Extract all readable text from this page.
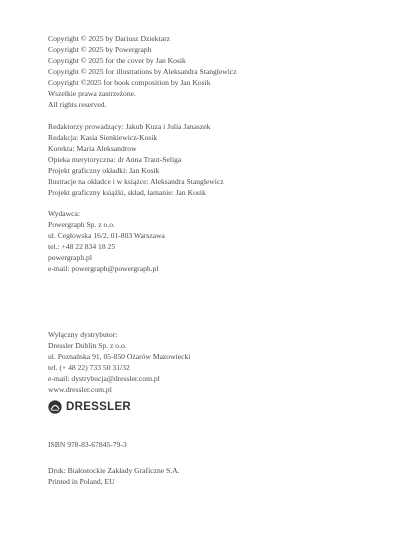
Copyright © 2025 by Dariusz Dziektarz
Copyright © 2025 by Powergraph
Copyright © 2025 for the cover by Jan Kosik
Copyright © 2025 for illustrations by Aleksandra Stanglewicz
Copyright ©2025 for book composition by Jan Kosik
Wszelkie prawa zastrzeżone.
All rights reserved.
Redaktorzy prowadzący: Jakub Kuza i Julia Janaszek
Redakcja: Kasia Sienkiewicz-Kosik
Korekta: Maria Aleksandrow
Opieka merytoryczna: dr Anna Traut-Seliga
Projekt graficzny okładki: Jan Kosik
Ilustracje na okładce i w książce: Aleksandra Stanglewicz
Projekt graficzny książki, skład, łamanie: Jan Kosik
Wydawca:
Powergraph Sp. z o.o.
ul. Cegłowska 16/2, 01-803 Warszawa
tel.: +48 22 834 18 25
powergraph.pl
e-mail: powergraph@powergraph.pl
Wyłączny dystrybutor:
Dressler Dublin Sp. z o.o.
ul. Poznańska 91, 05-850 Ożarów Mazowiecki
tel. (+ 48 22) 733 50 31/32
e-mail: dystrybucja@dressler.com.pl
www.dressler.com.pl
DRESSLER
ISBN 978-83-67845-79-3
Druk: Białostockie Zakłady Graficzne S.A.
Printed in Poland, EU
